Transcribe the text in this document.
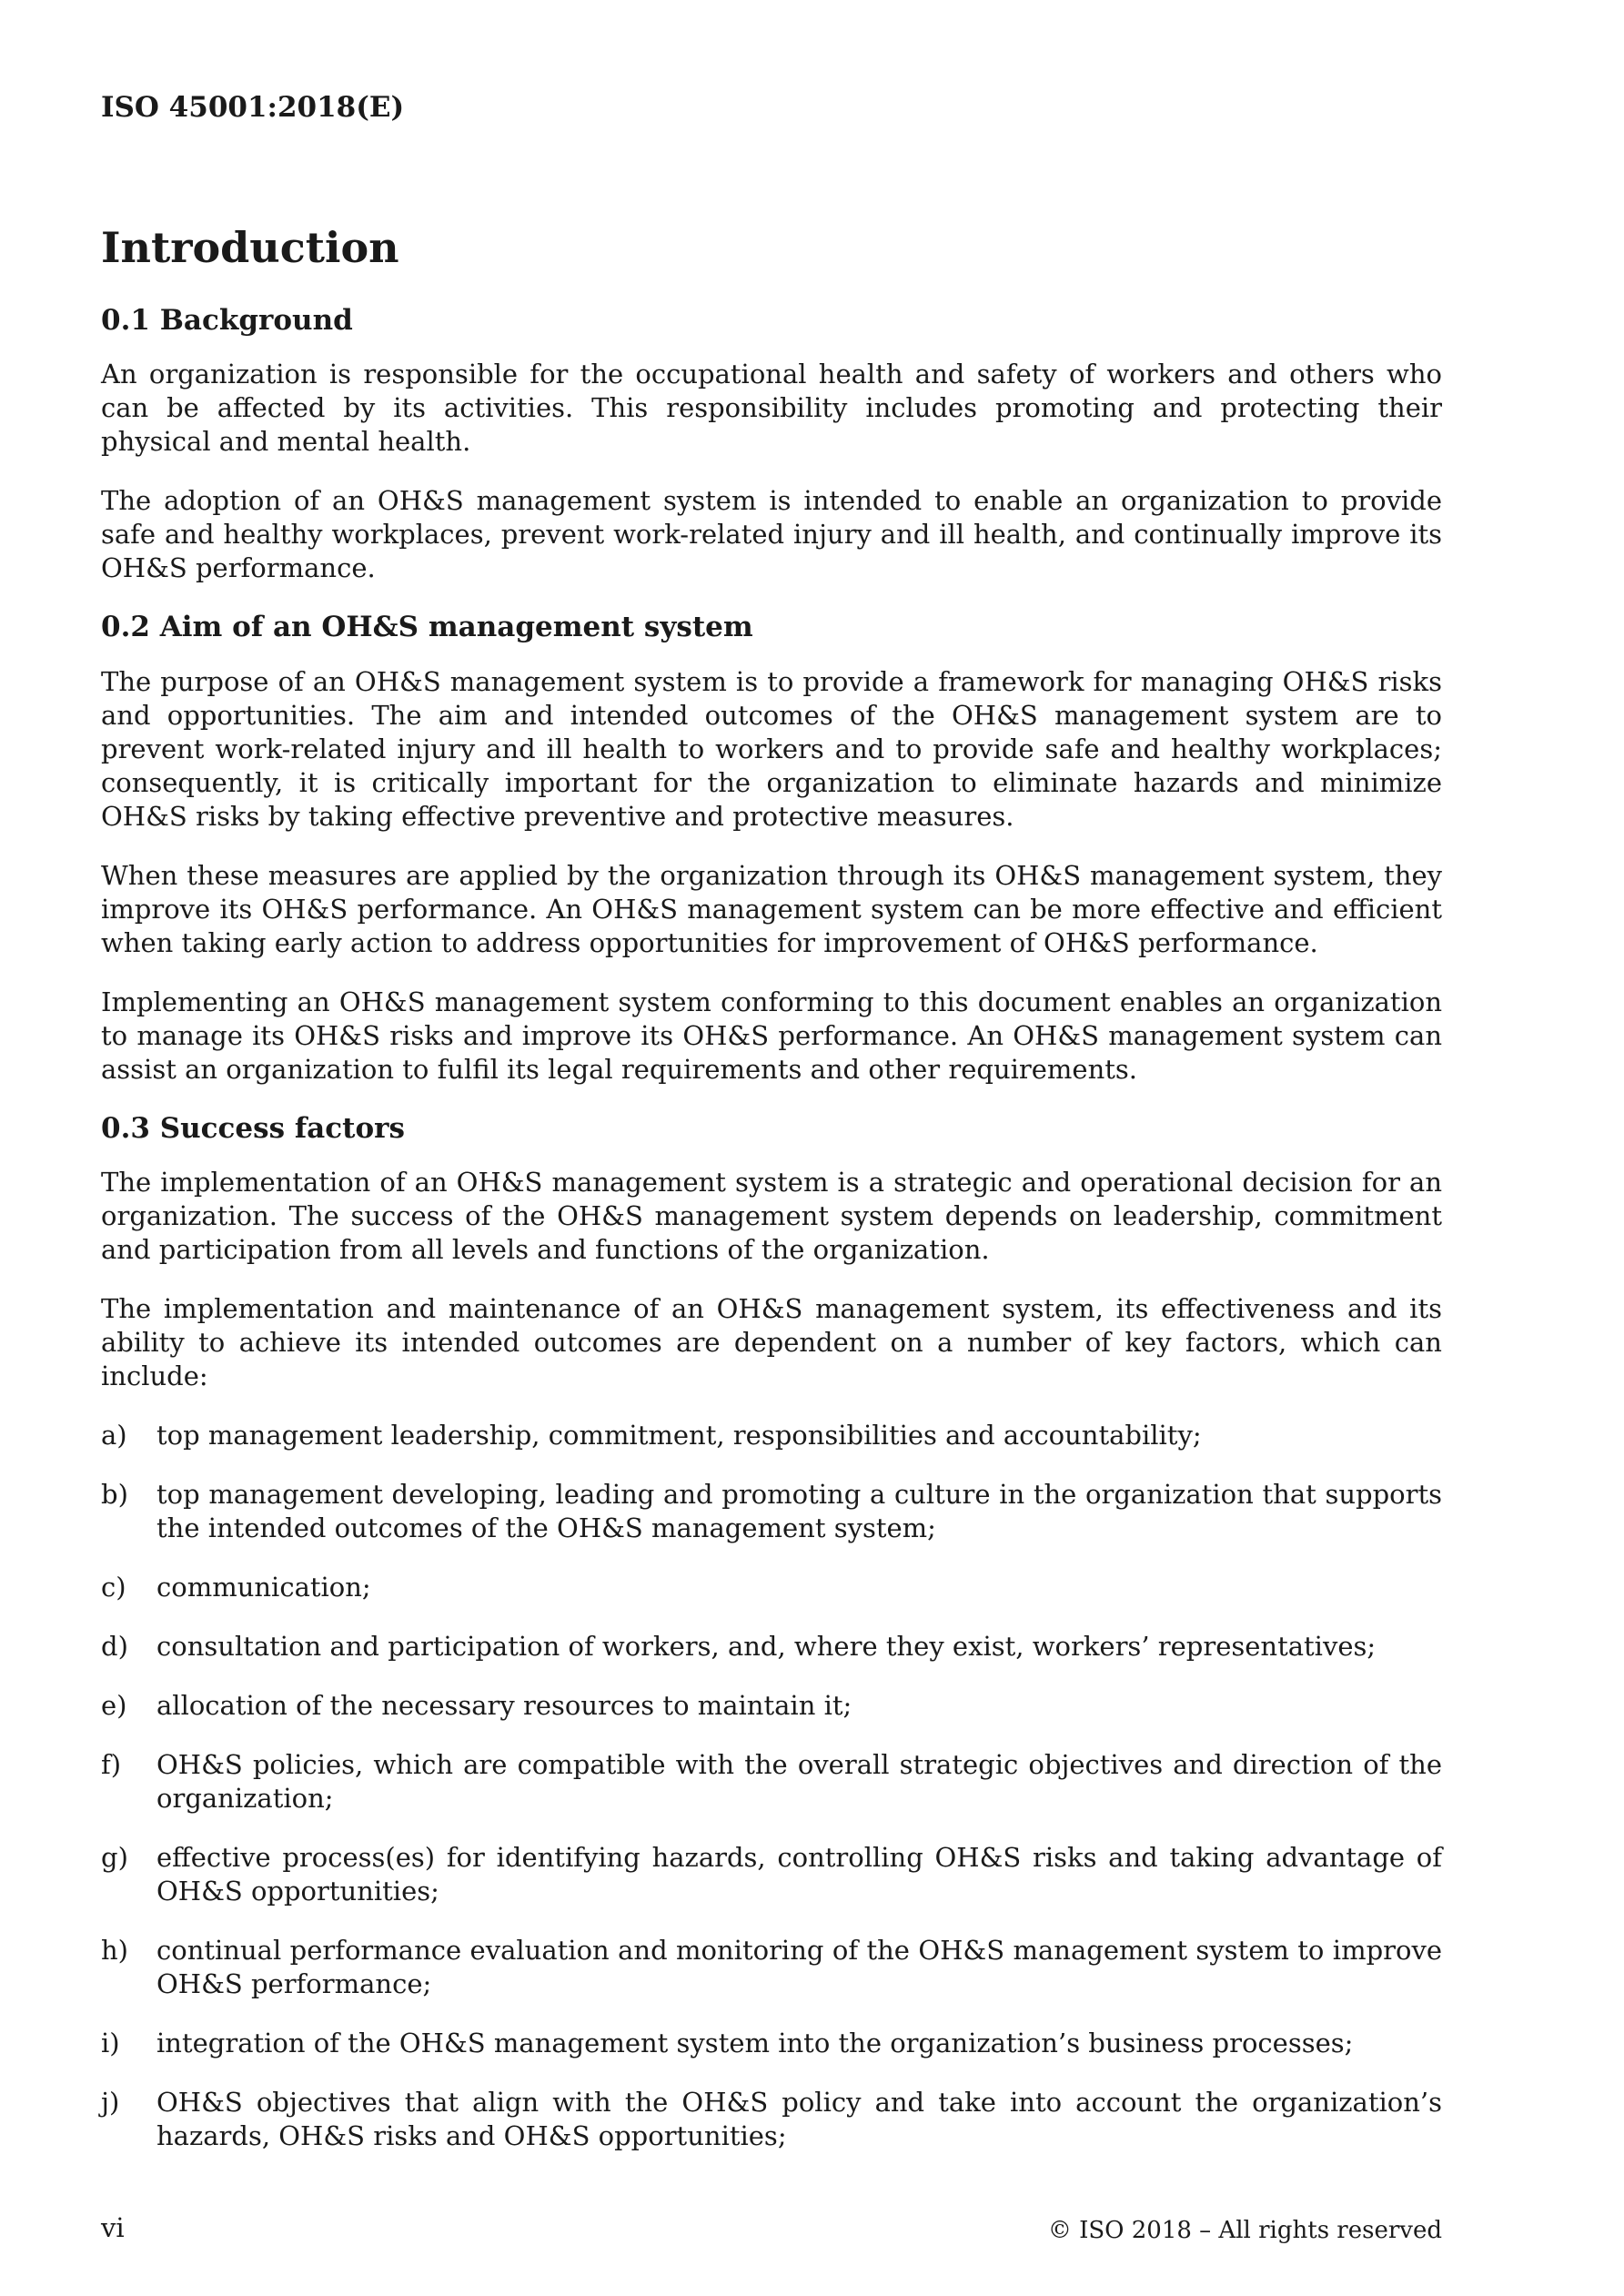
ISO 45001:2018(E)
Introduction
0.1 Background

An organization is responsible for the occupational health and safety of workers and others who can be affected by its activities. This responsibility includes promoting and protecting their physical and mental health.

The adoption of an OH&S management system is intended to enable an organization to provide safe and healthy workplaces, prevent work-related injury and ill health, and continually improve its OH&S performance.

0.2 Aim of an OH&S management system

The purpose of an OH&S management system is to provide a framework for managing OH&S risks and opportunities. The aim and intended outcomes of the OH&S management system are to prevent work-related injury and ill health to workers and to provide safe and healthy workplaces; consequently, it is critically important for the organization to eliminate hazards and minimize OH&S risks by taking effective preventive and protective measures.

When these measures are applied by the organization through its OH&S management system, they improve its OH&S performance. An OH&S management system can be more effective and efficient when taking early action to address opportunities for improvement of OH&S performance.

Implementing an OH&S management system conforming to this document enables an organization to manage its OH&S risks and improve its OH&S performance. An OH&S management system can assist an organization to fulfil its legal requirements and other requirements.

0.3 Success factors

The implementation of an OH&S management system is a strategic and operational decision for an organization. The success of the OH&S management system depends on leadership, commitment and participation from all levels and functions of the organization.

The implementation and maintenance of an OH&S management system, its effectiveness and its ability to achieve its intended outcomes are dependent on a number of key factors, which can include:

a)	top management leadership, commitment, responsibilities and accountability;
b)	top management developing, leading and promoting a culture in the organization that supports the intended outcomes of the OH&S management system;
c)	communication;
d)	consultation and participation of workers, and, where they exist, workers’ representatives;
e)	allocation of the necessary resources to maintain it;
f)	OH&S policies, which are compatible with the overall strategic objectives and direction of the organization;
g)	effective process(es) for identifying hazards, controlling OH&S risks and taking advantage of OH&S opportunities;
h)	continual performance evaluation and monitoring of the OH&S management system to improve OH&S performance;
i)	integration of the OH&S management system into the organization’s business processes;
j)	OH&S objectives that align with the OH&S policy and take into account the organization’s hazards, OH&S risks and OH&S opportunities;
vi	© ISO 2018 – All rights reserved
